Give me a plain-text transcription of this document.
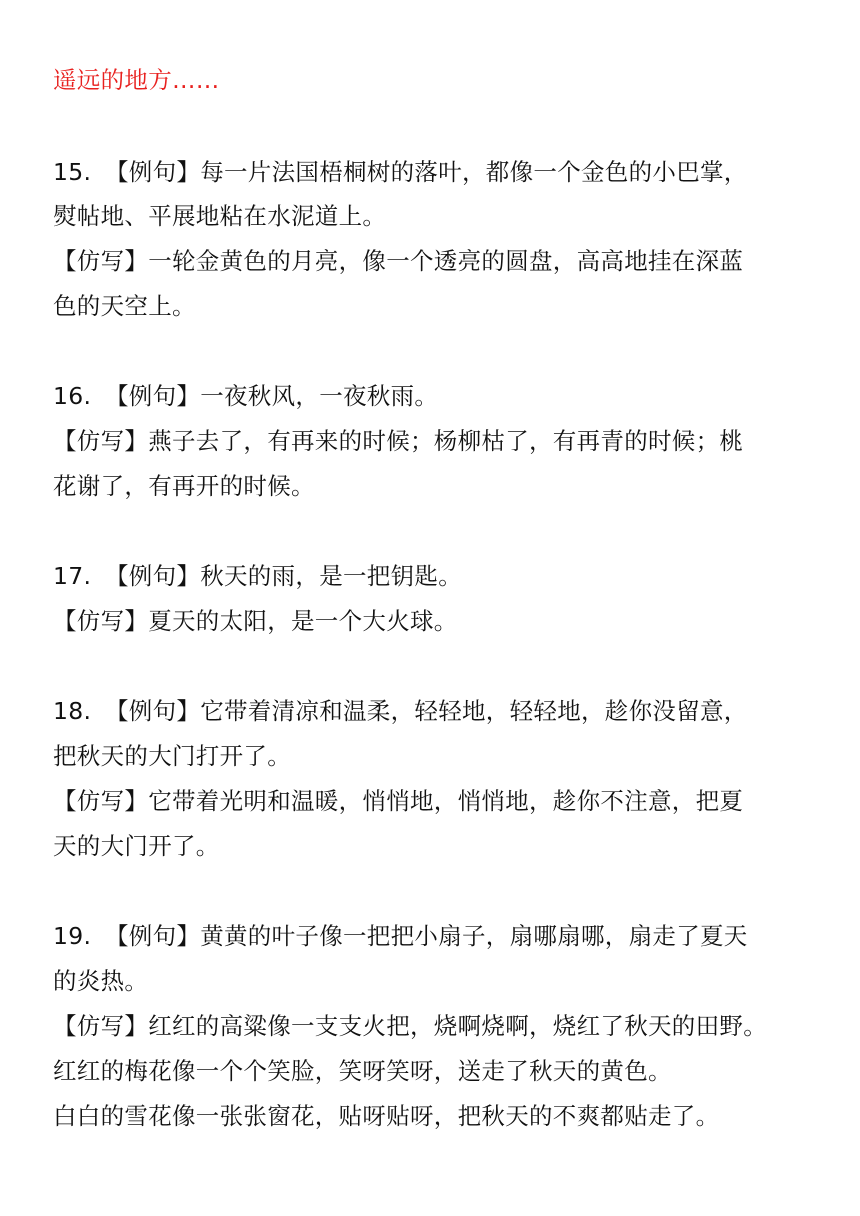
遥远的地方……
15. 【例句】每一片法国梧桐树的落叶，都像一个金色的小巴掌，
熨帖地、平展地粘在水泥道上。
【仿写】一轮金黄色的月亮，像一个透亮的圆盘，高高地挂在深蓝
色的天空上。
16. 【例句】一夜秋风，一夜秋雨。
【仿写】燕子去了，有再来的时候；杨柳枯了，有再青的时候；桃
花谢了，有再开的时候。
17. 【例句】秋天的雨，是一把钥匙。
【仿写】夏天的太阳，是一个大火球。
18. 【例句】它带着清凉和温柔，轻轻地，轻轻地，趁你没留意，
把秋天的大门打开了。
【仿写】它带着光明和温暖，悄悄地，悄悄地，趁你不注意，把夏
天的大门开了。
19. 【例句】黄黄的叶子像一把把小扇子，扇哪扇哪，扇走了夏天
的炎热。
【仿写】红红的高粱像一支支火把，烧啊烧啊，烧红了秋天的田野。
红红的梅花像一个个笑脸，笑呀笑呀，送走了秋天的黄色。
白白的雪花像一张张窗花，贴呀贴呀，把秋天的不爽都贴走了。
